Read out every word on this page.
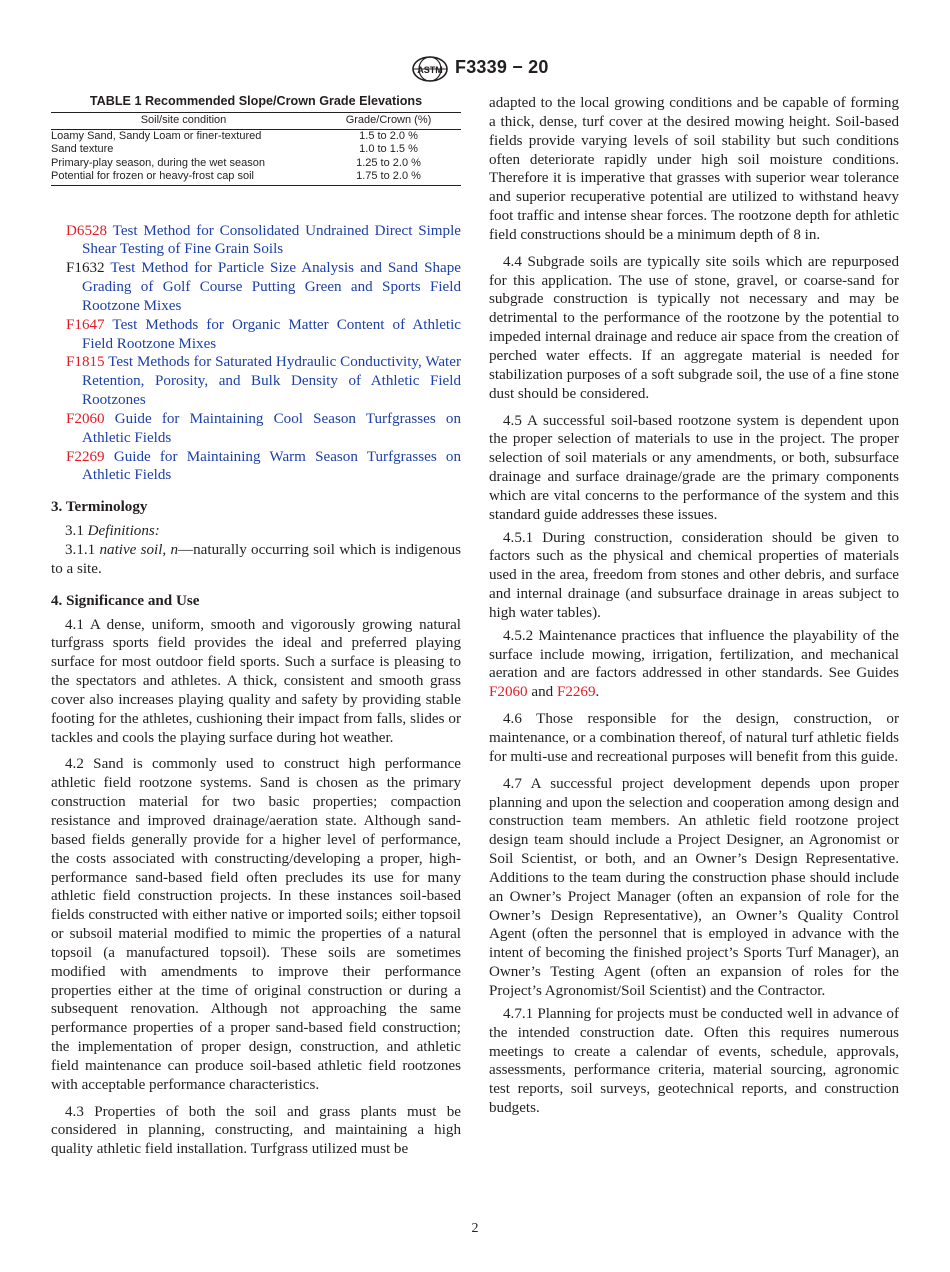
ASTM F3339 − 20
TABLE 1 Recommended Slope/Crown Grade Elevations
Soil/site condition	Grade/Crown (%)
Loamy Sand, Sandy Loam or finer-textured	1.5 to 2.0 %
Sand texture	1.0 to 1.5 %
Primary-play season, during the wet season	1.25 to 2.0 %
Potential for frozen or heavy-frost cap soil	1.75 to 2.0 %

D6528 Test Method for Consolidated Undrained Direct Simple Shear Testing of Fine Grain Soils

F1632 Test Method for Particle Size Analysis and Sand Shape Grading of Golf Course Putting Green and Sports Field Rootzone Mixes

F1647 Test Methods for Organic Matter Content of Athletic Field Rootzone Mixes

F1815 Test Methods for Saturated Hydraulic Conductivity, Water Retention, Porosity, and Bulk Density of Athletic Field Rootzones

F2060 Guide for Maintaining Cool Season Turfgrasses on Athletic Fields

F2269 Guide for Maintaining Warm Season Turfgrasses on Athletic Fields

3. Terminology

3.1 Definitions:

3.1.1 native soil, n—naturally occurring soil which is indigenous to a site.

4. Significance and Use

4.1 A dense, uniform, smooth and vigorously growing natural turfgrass sports field provides the ideal and preferred playing surface for most outdoor field sports. Such a surface is pleasing to the spectators and athletes. A thick, consistent and smooth grass cover also increases playing quality and safety by providing stable footing for the athletes, cushioning their impact from falls, slides or tackles and cools the playing surface during hot weather.

4.2 Sand is commonly used to construct high performance athletic field rootzone systems. Sand is chosen as the primary construction material for two basic properties; compaction resistance and improved drainage/aeration state. Although sand-based fields generally provide for a higher level of performance, the costs associated with constructing/developing a proper, high-performance sand-based field often precludes its use for many athletic field construction projects. In these instances soil-based fields constructed with either native or imported soils; either topsoil or subsoil material modified to mimic the properties of a natural topsoil (a manufactured topsoil). These soils are sometimes modified with amendments to improve their performance properties either at the time of original construction or during a subsequent renovation. Although not approaching the same performance properties of a proper sand-based field construction; the implementation of proper design, construction, and athletic field maintenance can produce soil-based athletic field rootzones with acceptable performance characteristics.

4.3 Properties of both the soil and grass plants must be considered in planning, constructing, and maintaining a high quality athletic field installation. Turfgrass utilized must be

adapted to the local growing conditions and be capable of forming a thick, dense, turf cover at the desired mowing height. Soil-based fields provide varying levels of soil stability but such conditions often deteriorate rapidly under high soil moisture conditions. Therefore it is imperative that grasses with superior wear tolerance and superior recuperative potential are utilized to withstand heavy foot traffic and intense shear forces. The rootzone depth for athletic field constructions should be a minimum depth of 8 in.

4.4 Subgrade soils are typically site soils which are repurposed for this application. The use of stone, gravel, or coarse-sand for subgrade construction is typically not necessary and may be detrimental to the performance of the rootzone by the potential to impeded internal drainage and reduce air space from the creation of perched water effects. If an aggregate material is needed for stabilization purposes of a soft subgrade soil, the use of a fine stone dust should be considered.

4.5 A successful soil-based rootzone system is dependent upon the proper selection of materials to use in the project. The proper selection of soil materials or any amendments, or both, subsurface drainage and surface drainage/grade are the primary components which are vital concerns to the performance of the system and this standard guide addresses these issues.

4.5.1 During construction, consideration should be given to factors such as the physical and chemical properties of materials used in the area, freedom from stones and other debris, and surface and internal drainage (and subsurface drainage in areas subject to high water tables).

4.5.2 Maintenance practices that influence the playability of the surface include mowing, irrigation, fertilization, and mechanical aeration and are factors addressed in other standards. See Guides F2060 and F2269.

4.6 Those responsible for the design, construction, or maintenance, or a combination thereof, of natural turf athletic fields for multi-use and recreational purposes will benefit from this guide.

4.7 A successful project development depends upon proper planning and upon the selection and cooperation among design and construction team members. An athletic field rootzone project design team should include a Project Designer, an Agronomist or Soil Scientist, or both, and an Owner’s Design Representative. Additions to the team during the construction phase should include an Owner’s Project Manager (often an expansion of role for the Owner’s Design Representative), an Owner’s Quality Control Agent (often the personnel that is employed in advance with the intent of becoming the finished project’s Sports Turf Manager), an Owner’s Testing Agent (often an expansion of roles for the Project’s Agronomist/Soil Scientist) and the Contractor.

4.7.1 Planning for projects must be conducted well in advance of the intended construction date. Often this requires numerous meetings to create a calendar of events, schedule, approvals, assessments, performance criteria, material sourcing, agronomic test reports, soil surveys, geotechnical reports, and construction budgets.

2
